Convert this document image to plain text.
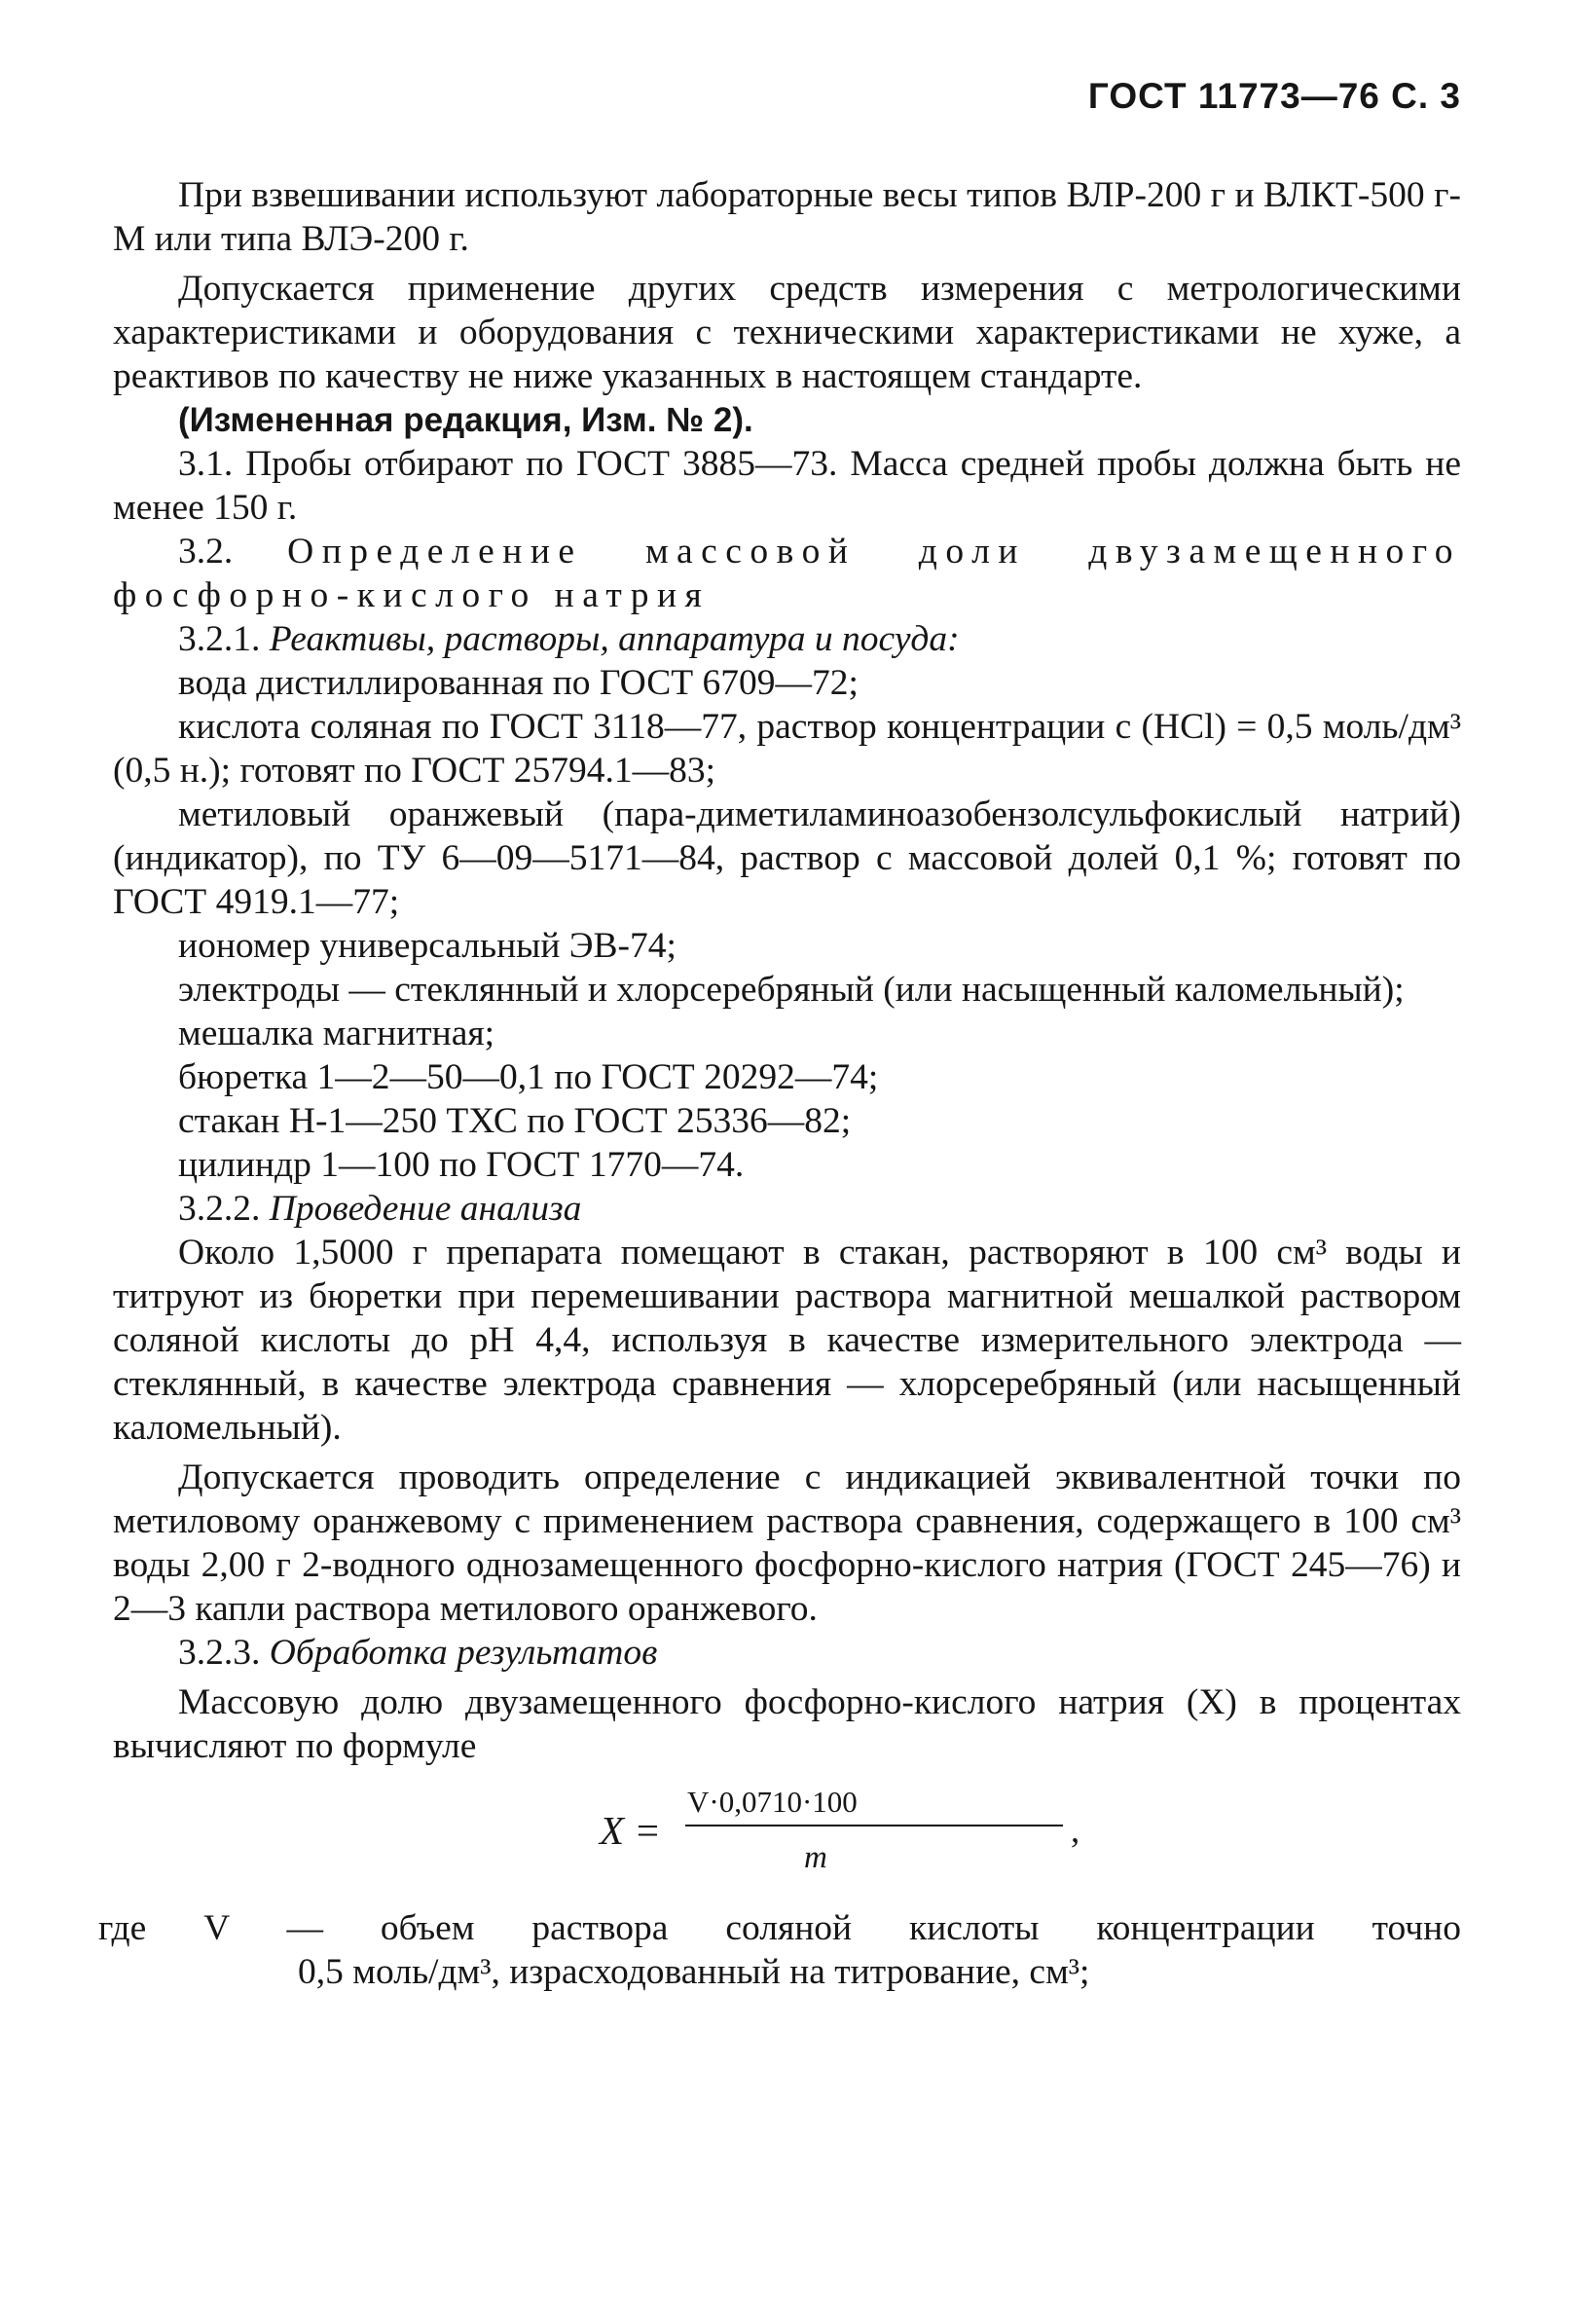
ГОСТ 11773—76 С. 3

При взвешивании используют лабораторные весы типов ВЛР-200 г и ВЛКТ-500 г-М или типа ВЛЭ-200 г.

Допускается применение других средств измерения с метрологическими характеристиками и оборудования с техническими характеристиками не хуже, а реактивов по качеству не ниже указанных в настоящем стандарте.

(Измененная редакция, Изм. № 2).

3.1. Пробы отбирают по ГОСТ 3885—73. Масса средней пробы должна быть не менее 150 г.

3.2. Определение массовой доли двузамещенного фосфорно-кислого натрия

3.2.1. Реактивы, растворы, аппаратура и посуда:

вода дистиллированная по ГОСТ 6709—72;

кислота соляная по ГОСТ 3118—77, раствор концентрации с (HCl) = 0,5 моль/дм³ (0,5 н.); готовят по ГОСТ 25794.1—83;

метиловый оранжевый (пара-диметиламиноазобензолсульфокислый натрий) (индикатор), по ТУ 6—09—5171—84, раствор с массовой долей 0,1 %; готовят по ГОСТ 4919.1—77;

иономер универсальный ЭВ-74;

электроды — стеклянный и хлорсеребряный (или насыщенный каломельный);

мешалка магнитная;

бюретка 1—2—50—0,1 по ГОСТ 20292—74;

стакан Н-1—250 ТХС по ГОСТ 25336—82;

цилиндр 1—100 по ГОСТ 1770—74.

3.2.2. Проведение анализа

Около 1,5000 г препарата помещают в стакан, растворяют в 100 см³ воды и титруют из бюретки при перемешивании раствора магнитной мешалкой раствором соляной кислоты до pH 4,4, используя в качестве измерительного электрода — стеклянный, в качестве электрода сравнения — хлорсеребряный (или насыщенный каломельный).

Допускается проводить определение с индикацией эквивалентной точки по метиловому оранжевому с применением раствора сравнения, содержащего в 100 см³ воды 2,00 г 2-водного однозамещенного фосфорно-кислого натрия (ГОСТ 245—76) и 2—3 капли раствора метилового оранжевого.

3.2.3. Обработка результатов

Массовую долю двузамещенного фосфорно-кислого натрия (X) в процентах вычисляют по формуле

X =
V·0,0710·100
m
,
где V — объем раствора соляной кислоты концентрации точно
0,5 моль/дм³, израсходованный на титрование, см³;
